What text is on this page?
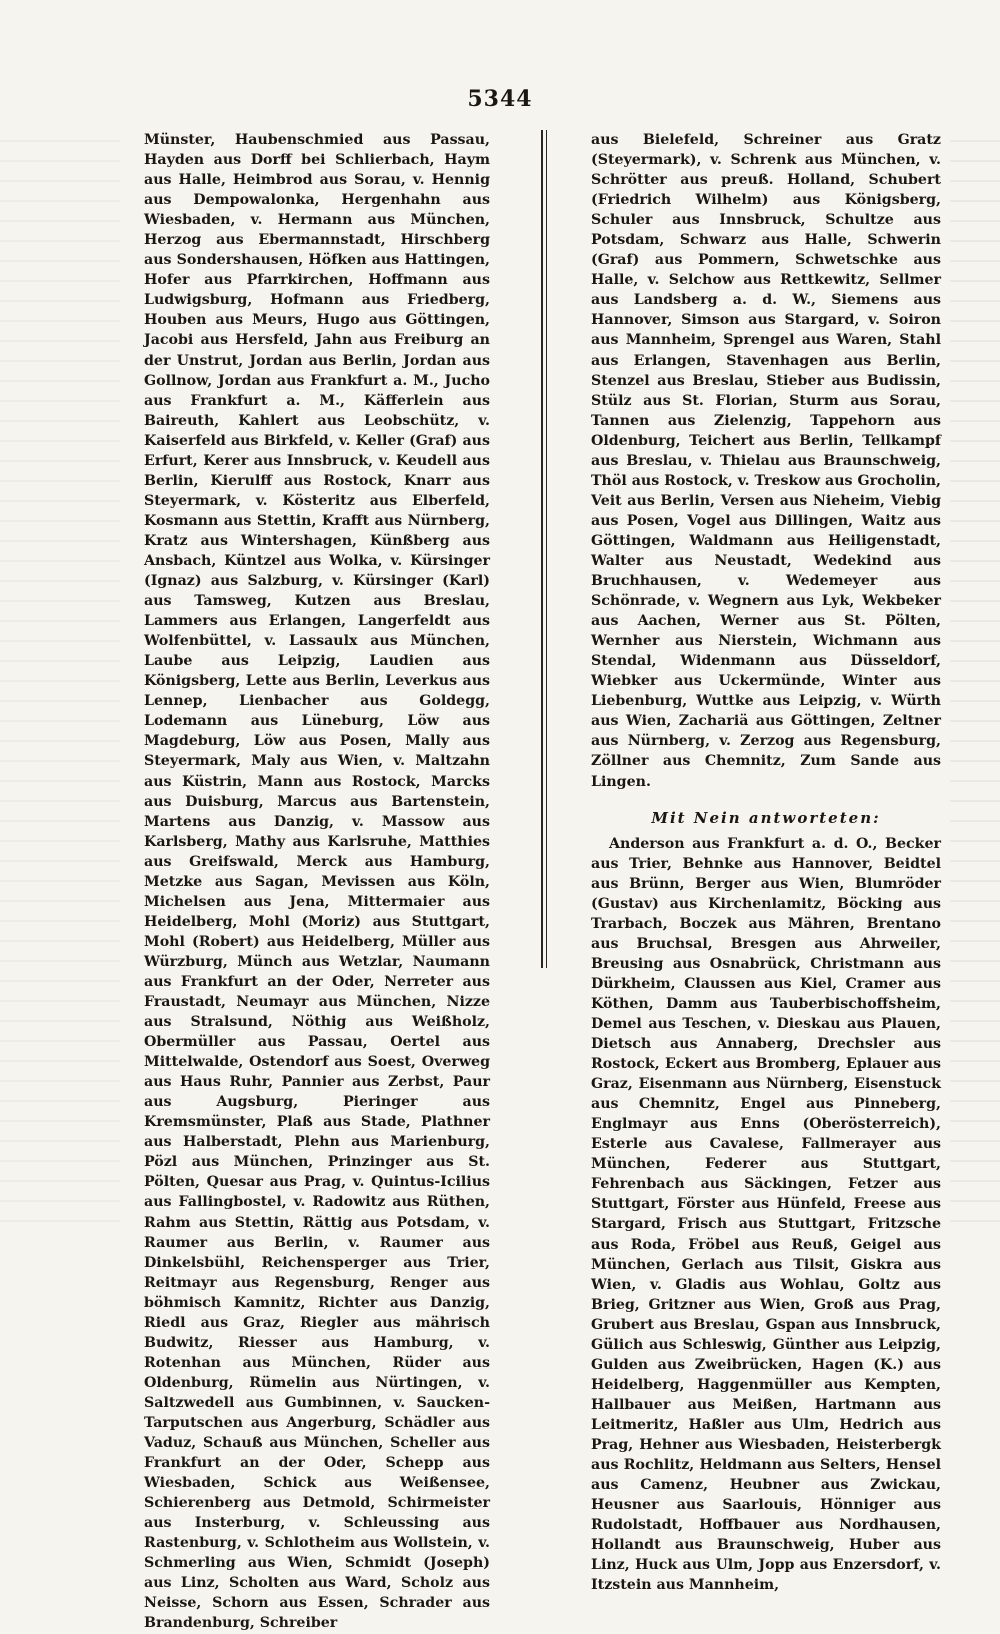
5344

Münster, Haubenschmied aus Passau, Hayden aus Dorff bei Schlierbach, Haym aus Halle, Heimbrod aus Sorau, v. Hennig aus Dempowalonka, Hergenhahn aus Wiesbaden, v. Hermann aus München, Herzog aus Ebermannstadt, Hirschberg aus Sondershausen, Höfken aus Hattingen, Hofer aus Pfarrkirchen, Hoffmann aus Ludwigsburg, Hofmann aus Friedberg, Houben aus Meurs, Hugo aus Göttingen, Jacobi aus Hersfeld, Jahn aus Freiburg an der Unstrut, Jordan aus Berlin, Jordan aus Gollnow, Jordan aus Frankfurt a. M., Jucho aus Frankfurt a. M., Käfferlein aus Baireuth, Kahlert aus Leobschütz, v. Kaiserfeld aus Birkfeld, v. Keller (Graf) aus Erfurt, Kerer aus Innsbruck, v. Keudell aus Berlin, Kierulff aus Rostock, Knarr aus Steyermark, v. Kösteritz aus Elberfeld, Kosmann aus Stettin, Krafft aus Nürnberg, Kratz aus Wintershagen, Künßberg aus Ansbach, Küntzel aus Wolka, v. Kürsinger (Ignaz) aus Salzburg, v. Kürsinger (Karl) aus Tamsweg, Kutzen aus Breslau, Lammers aus Erlangen, Langerfeldt aus Wolfenbüttel, v. Lassaulx aus München, Laube aus Leipzig, Laudien aus Königsberg, Lette aus Berlin, Leverkus aus Lennep, Lienbacher aus Goldegg, Lodemann aus Lüneburg, Löw aus Magdeburg, Löw aus Posen, Mally aus Steyermark, Maly aus Wien, v. Maltzahn aus Küstrin, Mann aus Rostock, Marcks aus Duisburg, Marcus aus Bartenstein, Martens aus Danzig, v. Massow aus Karlsberg, Mathy aus Karlsruhe, Matthies aus Greifswald, Merck aus Hamburg, Metzke aus Sagan, Mevissen aus Köln, Michelsen aus Jena, Mittermaier aus Heidelberg, Mohl (Moriz) aus Stuttgart, Mohl (Robert) aus Heidelberg, Müller aus Würzburg, Münch aus Wetzlar, Naumann aus Frankfurt an der Oder, Nerreter aus Fraustadt, Neumayr aus München, Nizze aus Stralsund, Nöthig aus Weißholz, Obermüller aus Passau, Oertel aus Mittelwalde, Ostendorf aus Soest, Overweg aus Haus Ruhr, Pannier aus Zerbst, Paur aus Augsburg, Pieringer aus Kremsmünster, Plaß aus Stade, Plathner aus Halberstadt, Plehn aus Marienburg, Pözl aus München, Prinzinger aus St. Pölten, Quesar aus Prag, v. Quintus-Icilius aus Fallingbostel, v. Radowitz aus Rüthen, Rahm aus Stettin, Rättig aus Potsdam, v. Raumer aus Berlin, v. Raumer aus Dinkelsbühl, Reichensperger aus Trier, Reitmayr aus Regensburg, Renger aus böhmisch Kamnitz, Richter aus Danzig, Riedl aus Graz, Riegler aus mährisch Budwitz, Riesser aus Hamburg, v. Rotenhan aus München, Rüder aus Oldenburg, Rümelin aus Nürtingen, v. Saltzwedell aus Gumbinnen, v. Saucken-Tarputschen aus Angerburg, Schädler aus Vaduz, Schauß aus München, Scheller aus Frankfurt an der Oder, Schepp aus Wiesbaden, Schick aus Weißensee, Schierenberg aus Detmold, Schirmeister aus Insterburg, v. Schleussing aus Rastenburg, v. Schlotheim aus Wollstein, v. Schmerling aus Wien, Schmidt (Joseph) aus Linz, Scholten aus Ward, Scholz aus Neisse, Schorn aus Essen, Schrader aus Brandenburg, Schreiber

aus Bielefeld, Schreiner aus Gratz (Steyermark), v. Schrenk aus München, v. Schrötter aus preuß. Holland, Schubert (Friedrich Wilhelm) aus Königsberg, Schuler aus Innsbruck, Schultze aus Potsdam, Schwarz aus Halle, Schwerin (Graf) aus Pommern, Schwetschke aus Halle, v. Selchow aus Rettkewitz, Sellmer aus Landsberg a. d. W., Siemens aus Hannover, Simson aus Stargard, v. Soiron aus Mannheim, Sprengel aus Waren, Stahl aus Erlangen, Stavenhagen aus Berlin, Stenzel aus Breslau, Stieber aus Budissin, Stülz aus St. Florian, Sturm aus Sorau, Tannen aus Zielenzig, Tappehorn aus Oldenburg, Teichert aus Berlin, Tellkampf aus Breslau, v. Thielau aus Braunschweig, Thöl aus Rostock, v. Treskow aus Grocholin, Veit aus Berlin, Versen aus Nieheim, Viebig aus Posen, Vogel aus Dillingen, Waitz aus Göttingen, Waldmann aus Heiligenstadt, Walter aus Neustadt, Wedekind aus Bruchhausen, v. Wedemeyer aus Schönrade, v. Wegnern aus Lyk, Wekbeker aus Aachen, Werner aus St. Pölten, Wernher aus Nierstein, Wichmann aus Stendal, Widenmann aus Düsseldorf, Wiebker aus Uckermünde, Winter aus Liebenburg, Wuttke aus Leipzig, v. Würth aus Wien, Zachariä aus Göttingen, Zeltner aus Nürnberg, v. Zerzog aus Regensburg, Zöllner aus Chemnitz, Zum Sande aus Lingen.

Mit Nein antworteten:

Anderson aus Frankfurt a. d. O., Becker aus Trier, Behnke aus Hannover, Beidtel aus Brünn, Berger aus Wien, Blumröder (Gustav) aus Kirchenlamitz, Böcking aus Trarbach, Boczek aus Mähren, Brentano aus Bruchsal, Bresgen aus Ahrweiler, Breusing aus Osnabrück, Christmann aus Dürkheim, Claussen aus Kiel, Cramer aus Köthen, Damm aus Tauberbischoffsheim, Demel aus Teschen, v. Dieskau aus Plauen, Dietsch aus Annaberg, Drechsler aus Rostock, Eckert aus Bromberg, Eplauer aus Graz, Eisenmann aus Nürnberg, Eisenstuck aus Chemnitz, Engel aus Pinneberg, Englmayr aus Enns (Oberösterreich), Esterle aus Cavalese, Fallmerayer aus München, Federer aus Stuttgart, Fehrenbach aus Säckingen, Fetzer aus Stuttgart, Förster aus Hünfeld, Freese aus Stargard, Frisch aus Stuttgart, Fritzsche aus Roda, Fröbel aus Reuß, Geigel aus München, Gerlach aus Tilsit, Giskra aus Wien, v. Gladis aus Wohlau, Goltz aus Brieg, Gritzner aus Wien, Groß aus Prag, Grubert aus Breslau, Gspan aus Innsbruck, Gülich aus Schleswig, Günther aus Leipzig, Gulden aus Zweibrücken, Hagen (K.) aus Heidelberg, Haggenmüller aus Kempten, Hallbauer aus Meißen, Hartmann aus Leitmeritz, Haßler aus Ulm, Hedrich aus Prag, Hehner aus Wiesbaden, Heisterbergk aus Rochlitz, Heldmann aus Selters, Hensel aus Camenz, Heubner aus Zwickau, Heusner aus Saarlouis, Hönniger aus Rudolstadt, Hoffbauer aus Nordhausen, Hollandt aus Braunschweig, Huber aus Linz, Huck aus Ulm, Jopp aus Enzersdorf, v. Itzstein aus Mannheim,
